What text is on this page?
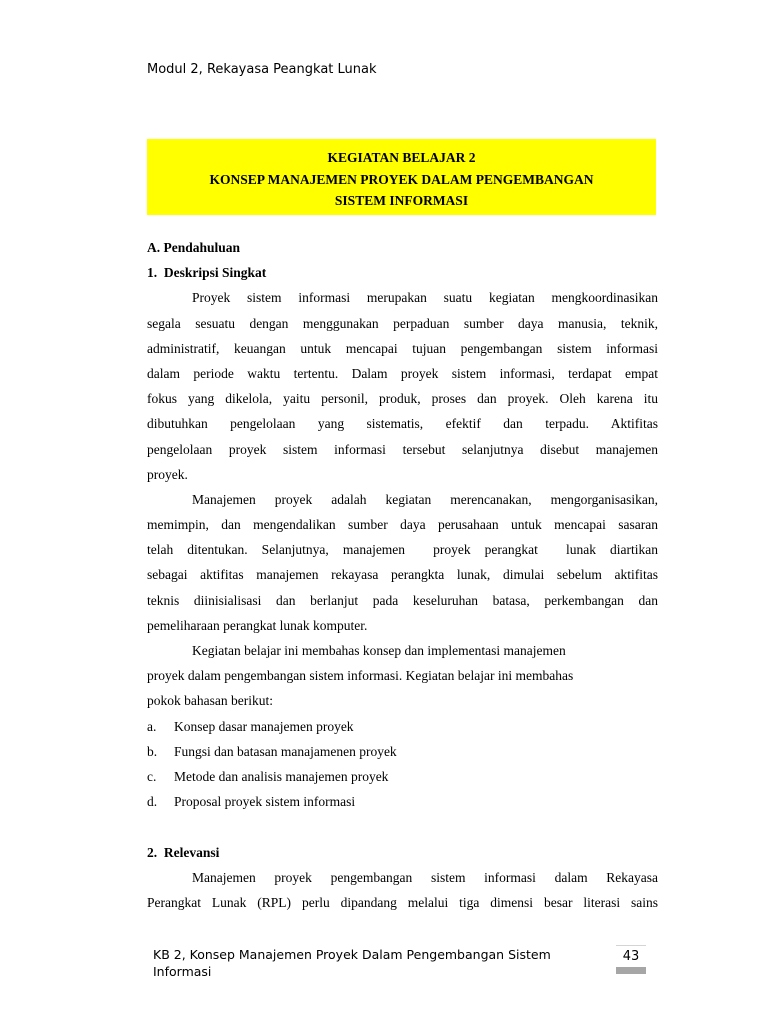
Modul 2, Rekayasa Peangkat Lunak
KEGIATAN BELAJAR 2
KONSEP MANAJEMEN PROYEK DALAM PENGEMBANGAN
SISTEM INFORMASI
A. Pendahuluan
1.  Deskripsi Singkat
Proyek sistem informasi merupakan suatu kegiatan mengkoordinasikan
segala sesuatu dengan menggunakan perpaduan sumber daya manusia, teknik,
administratif, keuangan untuk mencapai tujuan pengembangan sistem informasi
dalam periode waktu tertentu. Dalam proyek sistem informasi, terdapat empat
fokus yang dikelola, yaitu personil, produk, proses dan proyek. Oleh karena itu
dibutuhkan pengelolaan yang sistematis, efektif dan terpadu. Aktifitas
pengelolaan proyek sistem informasi tersebut selanjutnya disebut manajemen
proyek.
Manajemen proyek adalah kegiatan merencanakan, mengorganisasikan,
memimpin, dan mengendalikan sumber daya perusahaan untuk mencapai sasaran
telah ditentukan. Selanjutnya, manajemen  proyek perangkat  lunak diartikan
sebagai aktifitas manajemen rekayasa perangkta lunak, dimulai sebelum aktifitas
teknis diinisialisasi dan berlanjut pada keseluruhan batasa, perkembangan dan
pemeliharaan perangkat lunak komputer.
Kegiatan belajar ini membahas konsep dan implementasi manajemen
proyek dalam pengembangan sistem informasi. Kegiatan belajar ini membahas
pokok bahasan berikut:
a.	Konsep dasar manajemen proyek
b.	Fungsi dan batasan manajamenen proyek
c.	Metode dan analisis manajemen proyek
d.	Proposal proyek sistem informasi
2.  Relevansi
Manajemen proyek pengembangan sistem informasi dalam Rekayasa
Perangkat Lunak (RPL) perlu dipandang melalui tiga dimensi besar literasi sains
KB 2, Konsep Manajemen Proyek Dalam Pengembangan Sistem
Informasi
43
